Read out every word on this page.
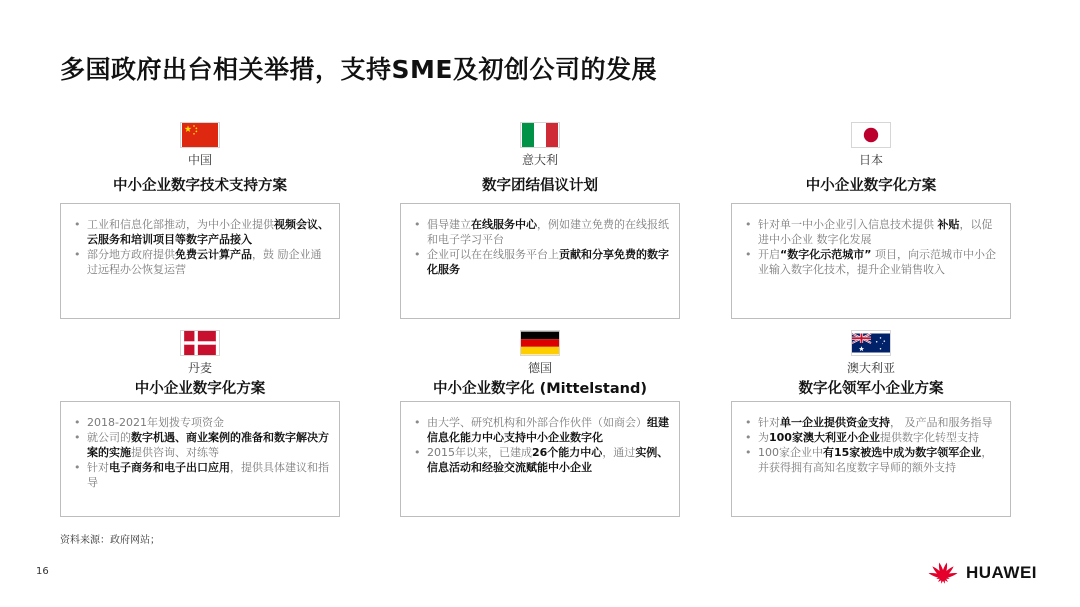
多国政府出台相关举措，支持SME及初创公司的发展
中国
中小企业数字技术支持方案
• 工业和信息化部推动，为中小企业提供视频会议、云服务和培训项目等数字产品接入
• 部分地方政府提供免费云计算产品，鼓 励企业通过远程办公恢复运营
意大利
数字团结倡议计划
• 倡导建立在线服务中心，例如建立免费的在线报纸和电子学习平台
• 企业可以在在线服务平台上贡献和分享免费的数字化服务
日本
中小企业数字化方案
• 针对单一中小企业引入信息技术提供 补贴，以促进中小企业 数字化发展
• 开启“数字化示范城市” 项目，向示范城市中小企业输入数字化技术，提升企业销售收入
丹麦
中小企业数字化方案
• 2018-2021年划拨专项资金
• 就公司的数字机遇、商业案例的准备和数字解决方案的实施提供咨询、对练等
• 针对电子商务和电子出口应用，提供具体建议和指导
德国
中小企业数字化 (Mittelstand)
• 由大学、研究机构和外部合作伙伴（如商会）组建信息化能力中心支持中小企业数字化
• 2015年以来，已建成26个能力中心，通过实例、信息活动和经验交流赋能中小企业
澳大利亚
数字化领军小企业方案
• 针对单一企业提供资金支持， 及产品和服务指导
• 为100家澳大利亚小企业提供数字化转型支持
• 100家企业中有15家被选中成为数字领军企业，并获得拥有高知名度数字导师的额外支持
资料来源：政府网站；
16	HUAWEI
